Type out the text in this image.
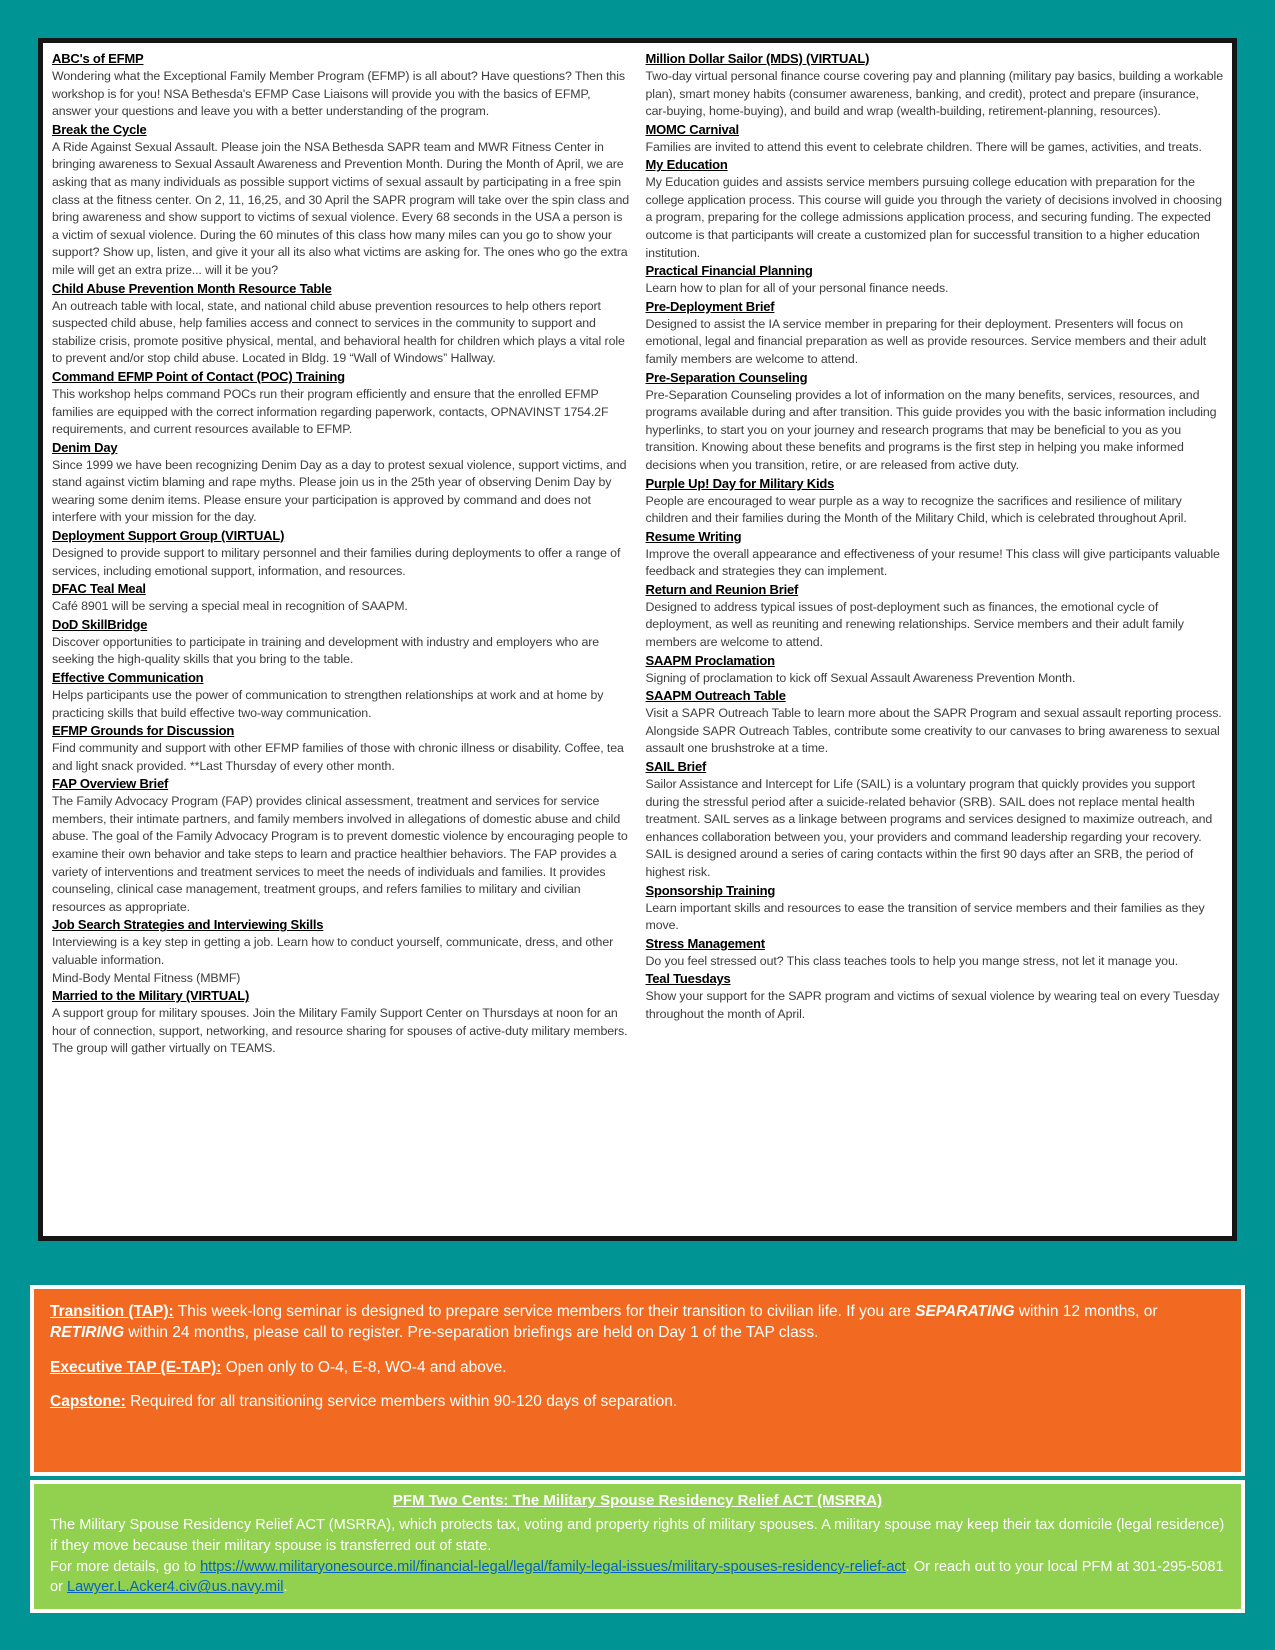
ABC's of EFMP

Wondering what the Exceptional Family Member Program (EFMP) is all about? Have questions? Then this workshop is for you! NSA Bethesda's EFMP Case Liaisons will provide you with the basics of EFMP, answer your questions and leave you with a better understanding of the program.

Break the Cycle

A Ride Against Sexual Assault. Please join the NSA Bethesda SAPR team and MWR Fitness Center in bringing awareness to Sexual Assault Awareness and Prevention Month. During the Month of April, we are asking that as many individuals as possible support victims of sexual assault by participating in a free spin class at the fitness center. On 2, 11, 16,25, and 30 April the SAPR program will take over the spin class and bring awareness and show support to victims of sexual violence. Every 68 seconds in the USA a person is a victim of sexual violence. During the 60 minutes of this class how many miles can you go to show your support? Show up, listen, and give it your all its also what victims are asking for. The ones who go the extra mile will get an extra prize... will it be you?

Child Abuse Prevention Month Resource Table

An outreach table with local, state, and national child abuse prevention resources to help others report suspected child abuse, help families access and connect to services in the community to support and stabilize crisis, promote positive physical, mental, and behavioral health for children which plays a vital role to prevent and/or stop child abuse. Located in Bldg. 19 “Wall of Windows” Hallway.

Command EFMP Point of Contact (POC) Training

This workshop helps command POCs run their program efficiently and ensure that the enrolled EFMP families are equipped with the correct information regarding paperwork, contacts, OPNAVINST 1754.2F requirements, and current resources available to EFMP.

Denim Day

Since 1999 we have been recognizing Denim Day as a day to protest sexual violence, support victims, and stand against victim blaming and rape myths. Please join us in the 25th year of observing Denim Day by wearing some denim items. Please ensure your participation is approved by command and does not interfere with your mission for the day.

Deployment Support Group (VIRTUAL)

Designed to provide support to military personnel and their families during deployments to offer a range of services, including emotional support, information, and resources.

DFAC Teal Meal

Café 8901 will be serving a special meal in recognition of SAAPM.

DoD SkillBridge

Discover opportunities to participate in training and development with industry and employers who are seeking the high-quality skills that you bring to the table.

Effective Communication

Helps participants use the power of communication to strengthen relationships at work and at home by practicing skills that build effective two-way communication.

EFMP Grounds for Discussion

Find community and support with other EFMP families of those with chronic illness or disability. Coffee, tea and light snack provided. **Last Thursday of every other month.

FAP Overview Brief

The Family Advocacy Program (FAP) provides clinical assessment, treatment and services for service members, their intimate partners, and family members involved in allegations of domestic abuse and child abuse. The goal of the Family Advocacy Program is to prevent domestic violence by encouraging people to examine their own behavior and take steps to learn and practice healthier behaviors. The FAP provides a variety of interventions and treatment services to meet the needs of individuals and families. It provides counseling, clinical case management, treatment groups, and refers families to military and civilian resources as appropriate.

Job Search Strategies and Interviewing Skills

Interviewing is a key step in getting a job. Learn how to conduct yourself, communicate, dress, and other valuable information.

Mind-Body Mental Fitness (MBMF)

Married to the Military (VIRTUAL)

A support group for military spouses. Join the Military Family Support Center on Thursdays at noon for an hour of connection, support, networking, and resource sharing for spouses of active-duty military members. The group will gather virtually on TEAMS.

Million Dollar Sailor (MDS) (VIRTUAL)

Two-day virtual personal finance course covering pay and planning (military pay basics, building a workable plan), smart money habits (consumer awareness, banking, and credit), protect and prepare (insurance, car-buying, home-buying), and build and wrap (wealth-building, retirement-planning, resources).

MOMC Carnival

Families are invited to attend this event to celebrate children. There will be games, activities, and treats.

My Education

My Education guides and assists service members pursuing college education with preparation for the college application process. This course will guide you through the variety of decisions involved in choosing a program, preparing for the college admissions application process, and securing funding. The expected outcome is that participants will create a customized plan for successful transition to a higher education institution.

Practical Financial Planning

Learn how to plan for all of your personal finance needs.

Pre-Deployment Brief

Designed to assist the IA service member in preparing for their deployment. Presenters will focus on emotional, legal and financial preparation as well as provide resources. Service members and their adult family members are welcome to attend.

Pre-Separation Counseling

Pre-Separation Counseling provides a lot of information on the many benefits, services, resources, and programs available during and after transition. This guide provides you with the basic information including hyperlinks, to start you on your journey and research programs that may be beneficial to you as you transition. Knowing about these benefits and programs is the first step in helping you make informed decisions when you transition, retire, or are released from active duty.

Purple Up! Day for Military Kids

People are encouraged to wear purple as a way to recognize the sacrifices and resilience of military children and their families during the Month of the Military Child, which is celebrated throughout April.

Resume Writing

Improve the overall appearance and effectiveness of your resume! This class will give participants valuable feedback and strategies they can implement.

Return and Reunion Brief

Designed to address typical issues of post-deployment such as finances, the emotional cycle of deployment, as well as reuniting and renewing relationships. Service members and their adult family members are welcome to attend.

SAAPM Proclamation

Signing of proclamation to kick off Sexual Assault Awareness Prevention Month.

SAAPM Outreach Table

Visit a SAPR Outreach Table to learn more about the SAPR Program and sexual assault reporting process. Alongside SAPR Outreach Tables, contribute some creativity to our canvases to bring awareness to sexual assault one brushstroke at a time.

SAIL Brief

Sailor Assistance and Intercept for Life (SAIL) is a voluntary program that quickly provides you support during the stressful period after a suicide-related behavior (SRB). SAIL does not replace mental health treatment. SAIL serves as a linkage between programs and services designed to maximize outreach, and enhances collaboration between you, your providers and command leadership regarding your recovery. SAIL is designed around a series of caring contacts within the first 90 days after an SRB, the period of highest risk.

Sponsorship Training

Learn important skills and resources to ease the transition of service members and their families as they move.

Stress Management

Do you feel stressed out? This class teaches tools to help you mange stress, not let it manage you.

Teal Tuesdays

Show your support for the SAPR program and victims of sexual violence by wearing teal on every Tuesday throughout the month of April.

Transition (TAP): This week-long seminar is designed to prepare service members for their transition to civilian life. If you are SEPARATING within 12 months, or RETIRING within 24 months, please call to register. Pre-separation briefings are held on Day 1 of the TAP class.

Executive TAP (E-TAP): Open only to O-4, E-8, WO-4 and above.

Capstone: Required for all transitioning service members within 90-120 days of separation.

PFM Two Cents: The Military Spouse Residency Relief ACT (MSRRA)
The Military Spouse Residency Relief ACT (MSRRA), which protects tax, voting and property rights of military spouses. A military spouse may keep their tax domicile (legal residence) if they move because their military spouse is transferred out of state.
For more details, go to https://www.militaryonesource.mil/financial-legal/legal/family-legal-issues/military-spouses-residency-relief-act. Or reach out to your local PFM at 301-295-5081 or Lawyer.L.Acker4.civ@us.navy.mil.
